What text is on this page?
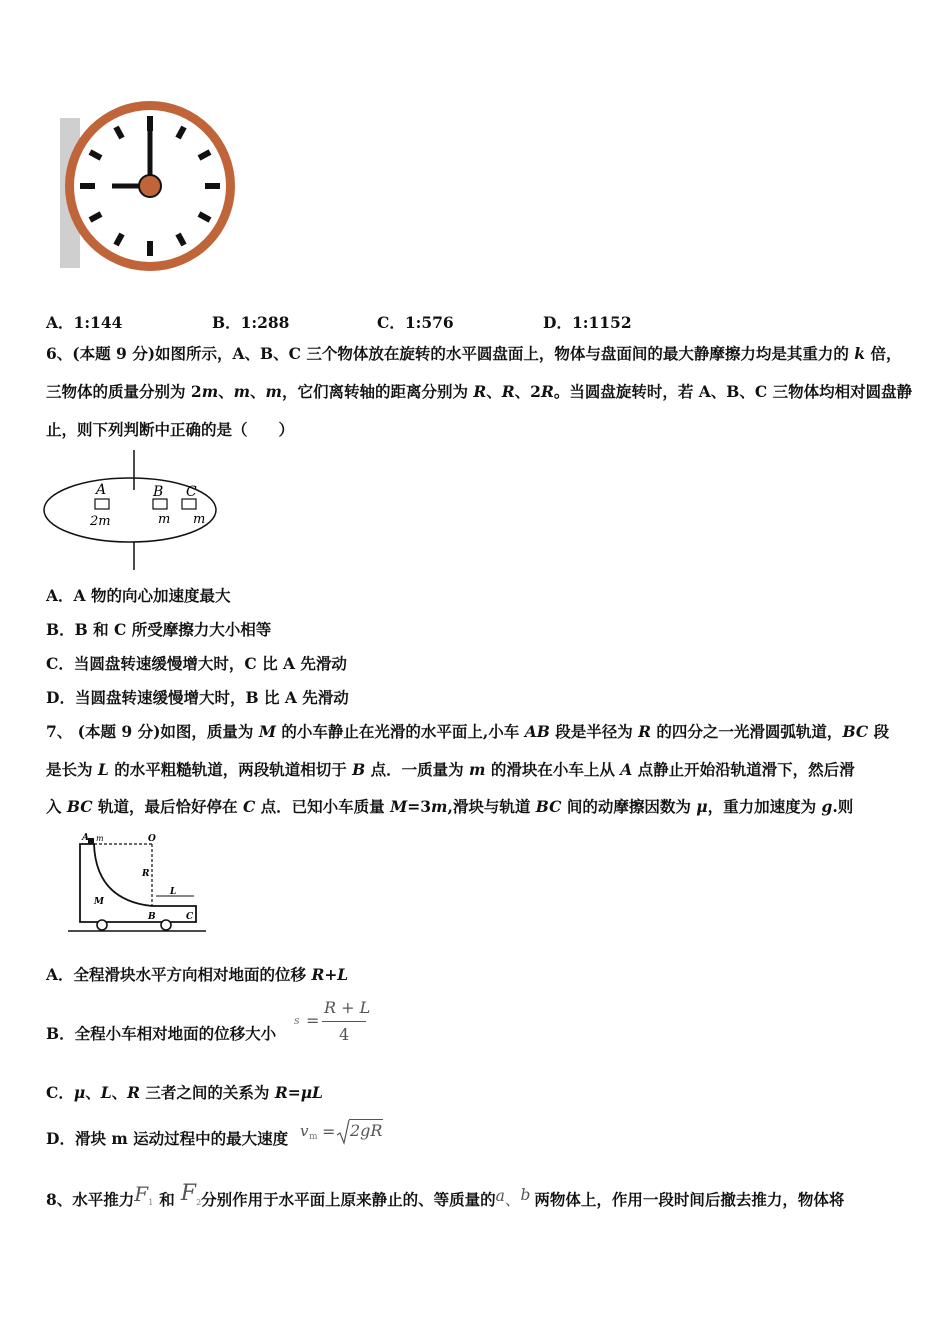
A．1:144	B．1:288	C．1:576	D．1:1152
6、(本题 9 分)如图所示，A、B、C 三个物体放在旋转的水平圆盘面上，物体与盘面间的最大静摩擦力均是其重力的 k 倍，
三物体的质量分别为 2m、m、m，它们离转轴的距离分别为 R、R、2R。当圆盘旋转时，若 A、B、C 三物体均相对圆盘静
止，则下列判断中正确的是（　　）
A	B C
2m	m m
A．A 物的向心加速度最大
B．B 和 C 所受摩擦力大小相等
C．当圆盘转速缓慢增大时，C 比 A 先滑动
D．当圆盘转速缓慢增大时，B 比 A 先滑动
7、 (本题 9 分)如图，质量为 M 的小车静止在光滑的水平面上,小车 AB 段是半径为 R 的四分之一光滑圆弧轨道，BC 段
是长为 L 的水平粗糙轨道，两段轨道相切于 B 点．一质量为 m 的滑块在小车上从 A 点静止开始沿轨道滑下，然后滑
入 BC 轨道，最后恰好停在 C 点．已知小车质量 M=3m,滑块与轨道 BC 间的动摩擦因数为 μ，重力加速度为 g.则
A m	O
R
L
M
B	C
A．全程滑块水平方向相对地面的位移 R+L
B．全程小车相对地面的位移大小
s =
R + L
4
C．μ、L、R 三者之间的关系为 R=μL
D．滑块 m 运动过程中的最大速度 v m = 2gR
8、水平推力F1 和 F2分别作用于水平面上原来静止的、等质量的a、b 两物体上，作用一段时间后撤去推力，物体将
